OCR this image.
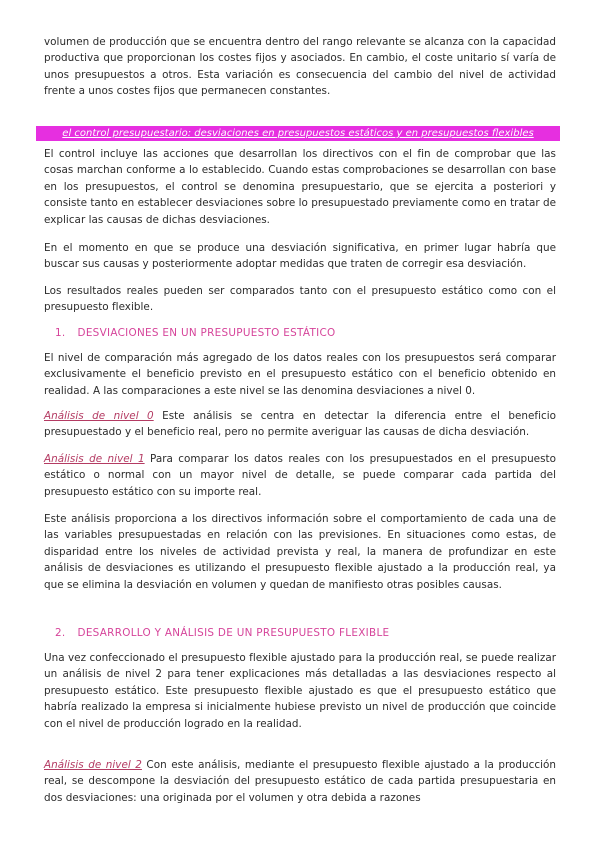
volumen de producción que se encuentra dentro del rango relevante se alcanza con la capacidad productiva que proporcionan los costes fijos y asociados. En cambio, el coste unitario sí varía de unos presupuestos a otros. Esta variación es consecuencia del cambio del nivel de actividad frente a unos costes fijos que permanecen constantes.
el control presupuestario: desviaciones en presupuestos estáticos y en presupuestos flexibles
El control incluye las acciones que desarrollan los directivos con el fin de comprobar que las cosas marchan conforme a lo establecido. Cuando estas comprobaciones se desarrollan con base en los presupuestos, el control se denomina presupuestario, que se ejercita a posteriori y consiste tanto en establecer desviaciones sobre lo presupuestado previamente como en tratar de explicar las causas de dichas desviaciones.
En el momento en que se produce una desviación significativa, en primer lugar habría que buscar sus causas y posteriormente adoptar medidas que traten de corregir esa desviación.
Los resultados reales pueden ser comparados tanto con el presupuesto estático como con el presupuesto flexible.
1. DESVIACIONES EN UN PRESUPUESTO ESTÁTICO
El nivel de comparación más agregado de los datos reales con los presupuestos será comparar exclusivamente el beneficio previsto en el presupuesto estático con el beneficio obtenido en realidad. A las comparaciones a este nivel se las denomina desviaciones a nivel 0.
Análisis de nivel 0 Este análisis se centra en detectar la diferencia entre el beneficio presupuestado y el beneficio real, pero no permite averiguar las causas de dicha desviación.
Análisis de nivel 1 Para comparar los datos reales con los presupuestados en el presupuesto estático o normal con un mayor nivel de detalle, se puede comparar cada partida del presupuesto estático con su importe real.
Este análisis proporciona a los directivos información sobre el comportamiento de cada una de las variables presupuestadas en relación con las previsiones. En situaciones como estas, de disparidad entre los niveles de actividad prevista y real, la manera de profundizar en este análisis de desviaciones es utilizando el presupuesto flexible ajustado a la producción real, ya que se elimina la desviación en volumen y quedan de manifiesto otras posibles causas.
2. DESARROLLO Y ANÁLISIS DE UN PRESUPUESTO FLEXIBLE
Una vez confeccionado el presupuesto flexible ajustado para la producción real, se puede realizar un análisis de nivel 2 para tener explicaciones más detalladas a las desviaciones respecto al presupuesto estático. Este presupuesto flexible ajustado es que el presupuesto estático que habría realizado la empresa si inicialmente hubiese previsto un nivel de producción que coincide con el nivel de producción logrado en la realidad.
Análisis de nivel 2 Con este análisis, mediante el presupuesto flexible ajustado a la producción real, se descompone la desviación del presupuesto estático de cada partida presupuestaria en dos desviaciones: una originada por el volumen y otra debida a razones
